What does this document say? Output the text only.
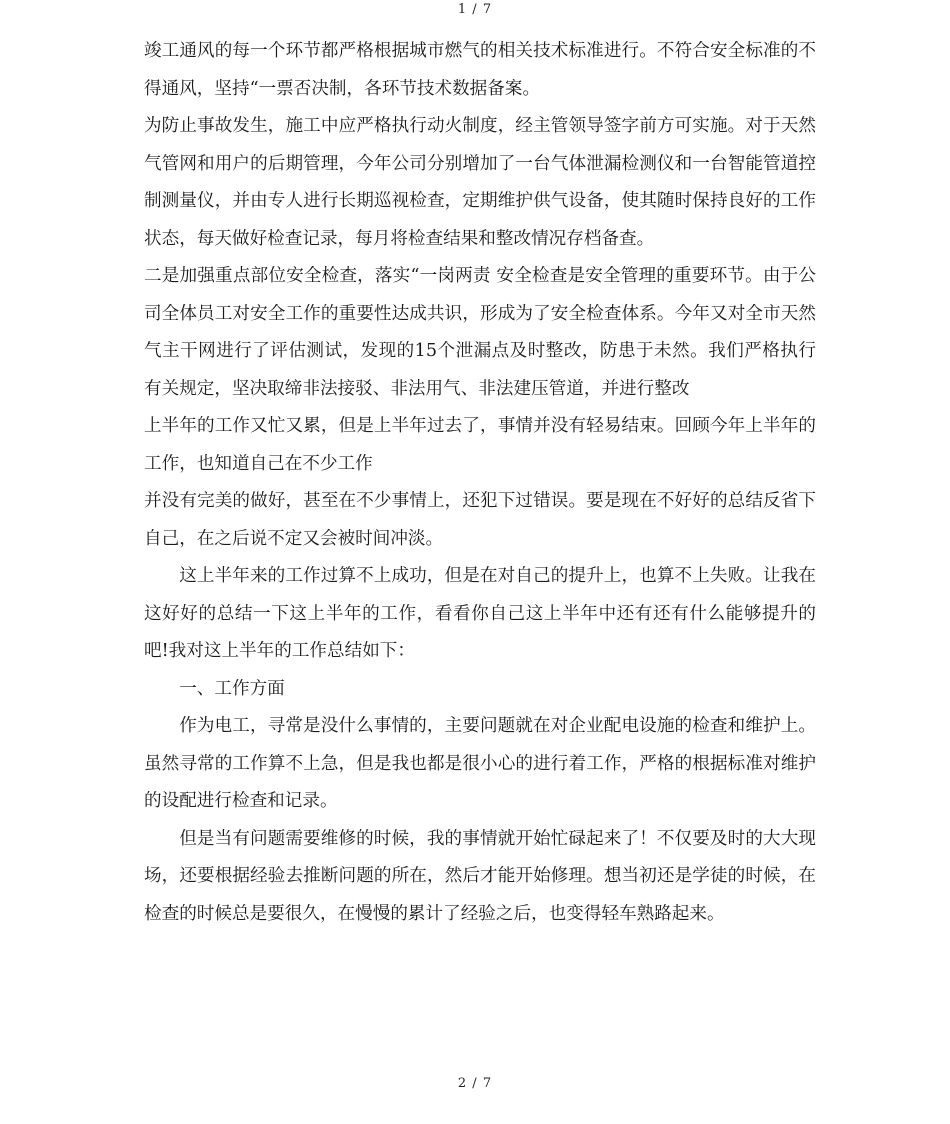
1 / 7

竣工通风的每一个环节都严格根据城市燃气的相关技术标准进行。不符合安全标准的不得通风，坚持“一票否决制，各环节技术数据备案。

为防止事故发生，施工中应严格执行动火制度，经主管领导签字前方可实施。对于天然气管网和用户的后期管理，今年公司分别增加了一台气体泄漏检测仪和一台智能管道控制测量仪，并由专人进行长期巡视检查，定期维护供气设备，使其随时保持良好的工作状态，每天做好检查记录，每月将检查结果和整改情况存档备查。

二是加强重点部位安全检查，落实“一岗两责 安全检查是安全管理的重要环节。由于公司全体员工对安全工作的重要性达成共识，形成为了安全检查体系。今年又对全市天然气主干网进行了评估测试，发现的15个泄漏点及时整改，防患于未然。我们严格执行有关规定，坚决取缔非法接驳、非法用气、非法建压管道，并进行整改

上半年的工作又忙又累，但是上半年过去了，事情并没有轻易结束。回顾今年上半年的工作，也知道自己在不少工作

并没有完美的做好，甚至在不少事情上，还犯下过错误。要是现在不好好的总结反省下自己，在之后说不定又会被时间冲淡。

这上半年来的工作过算不上成功，但是在对自己的提升上，也算不上失败。让我在这好好的总结一下这上半年的工作，看看你自己这上半年中还有还有什么能够提升的吧!我对这上半年的工作总结如下：

一、工作方面

作为电工，寻常是没什么事情的，主要问题就在对企业配电设施的检查和维护上。虽然寻常的工作算不上急，但是我也都是很小心的进行着工作，严格的根据标准对维护的设配进行检查和记录。

但是当有问题需要维修的时候，我的事情就开始忙碌起来了！不仅要及时的大大现场，还要根据经验去推断问题的所在，然后才能开始修理。想当初还是学徒的时候，在检查的时候总是要很久，在慢慢的累计了经验之后，也变得轻车熟路起来。

2 / 7
